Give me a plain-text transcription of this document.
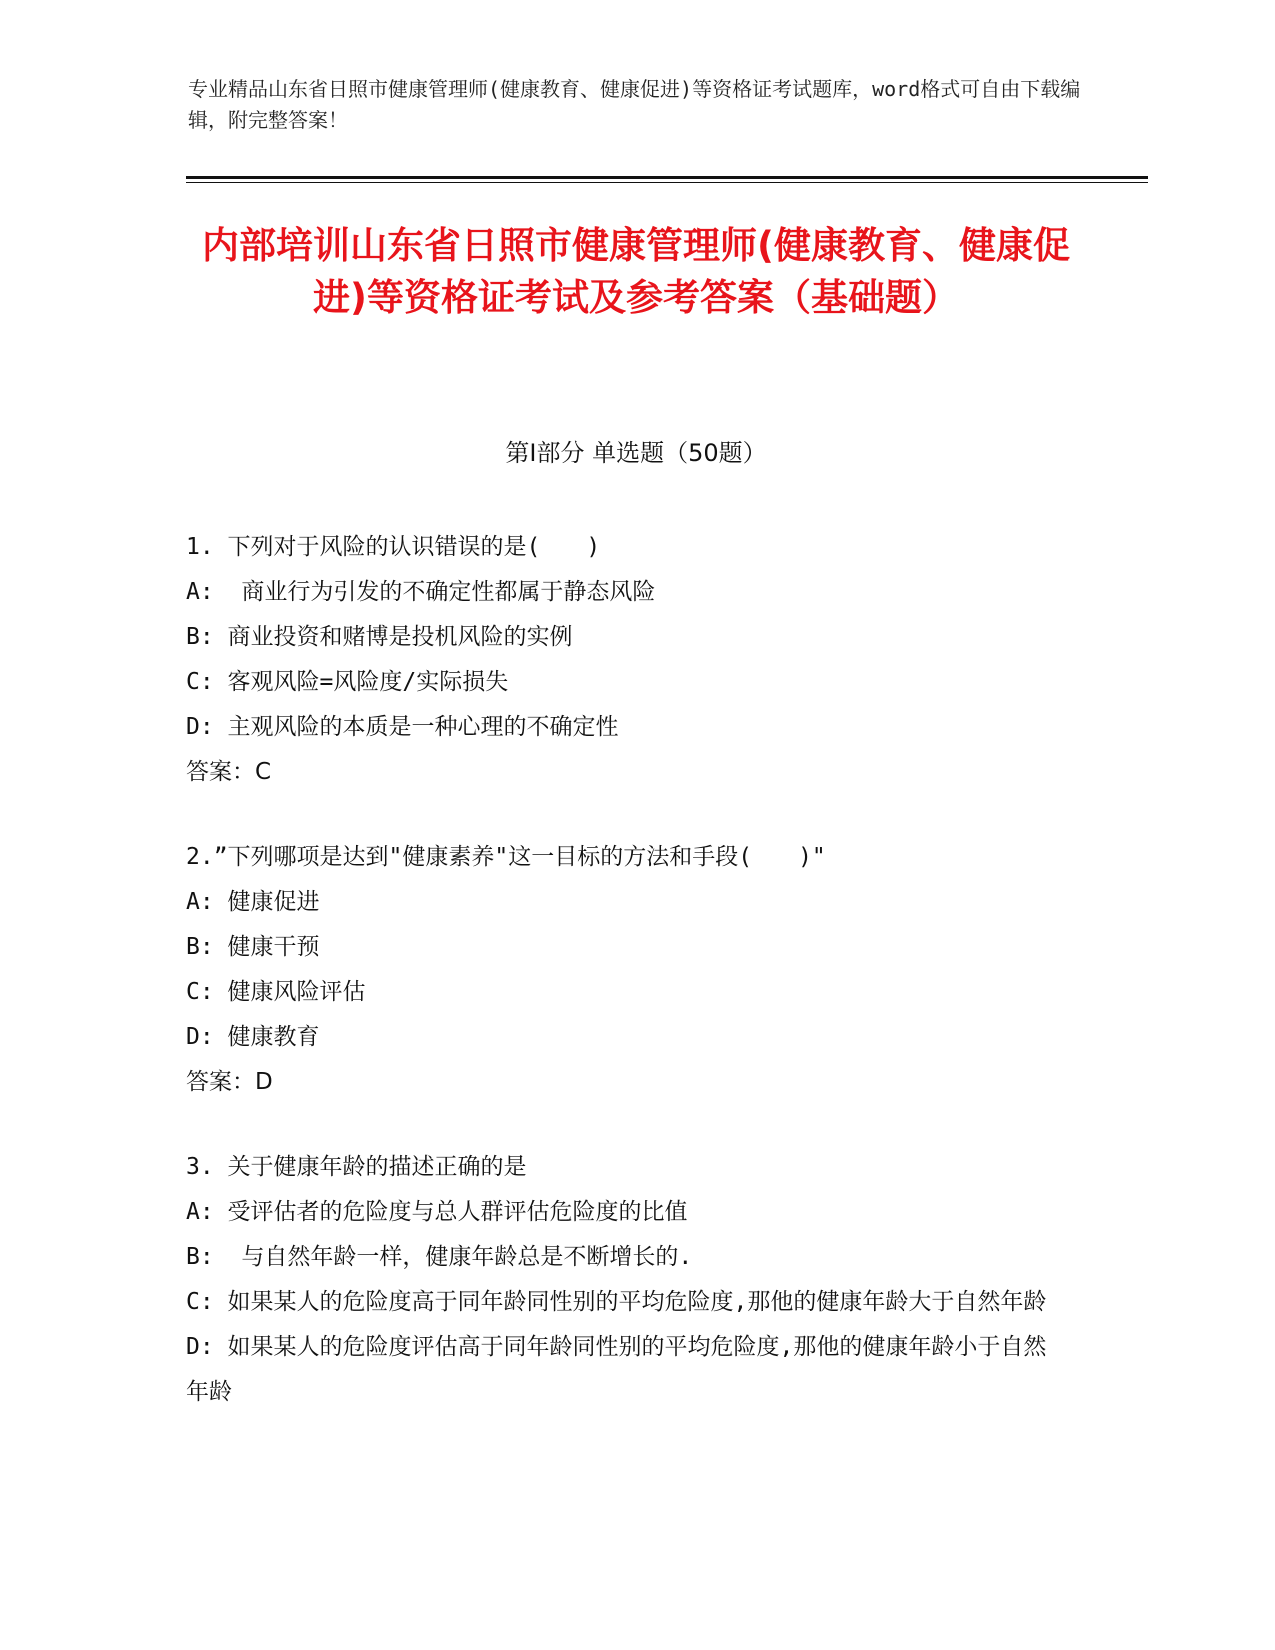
专业精品山东省日照市健康管理师(健康教育、健康促进)等资格证考试题库，word格式可自由下载编辑，附完整答案！
内部培训山东省日照市健康管理师(健康教育、健康促进)等资格证考试及参考答案（基础题）
第Ⅰ部分 单选题（50题）
1. 下列对于风险的认识错误的是(　　)
A:  商业行为引发的不确定性都属于静态风险
B: 商业投资和赌博是投机风险的实例
C: 客观风险=风险度/实际损失
D: 主观风险的本质是一种心理的不确定性
答案：C
2.”下列哪项是达到"健康素养"这一目标的方法和手段(　　)"
A: 健康促进
B: 健康干预
C: 健康风险评估
D: 健康教育
答案：D
3. 关于健康年龄的描述正确的是
A: 受评估者的危险度与总人群评估危险度的比值
B:  与自然年龄一样，健康年龄总是不断增长的.
C: 如果某人的危险度高于同年龄同性别的平均危险度,那他的健康年龄大于自然年龄
D: 如果某人的危险度评估高于同年龄同性别的平均危险度,那他的健康年龄小于自然年龄
